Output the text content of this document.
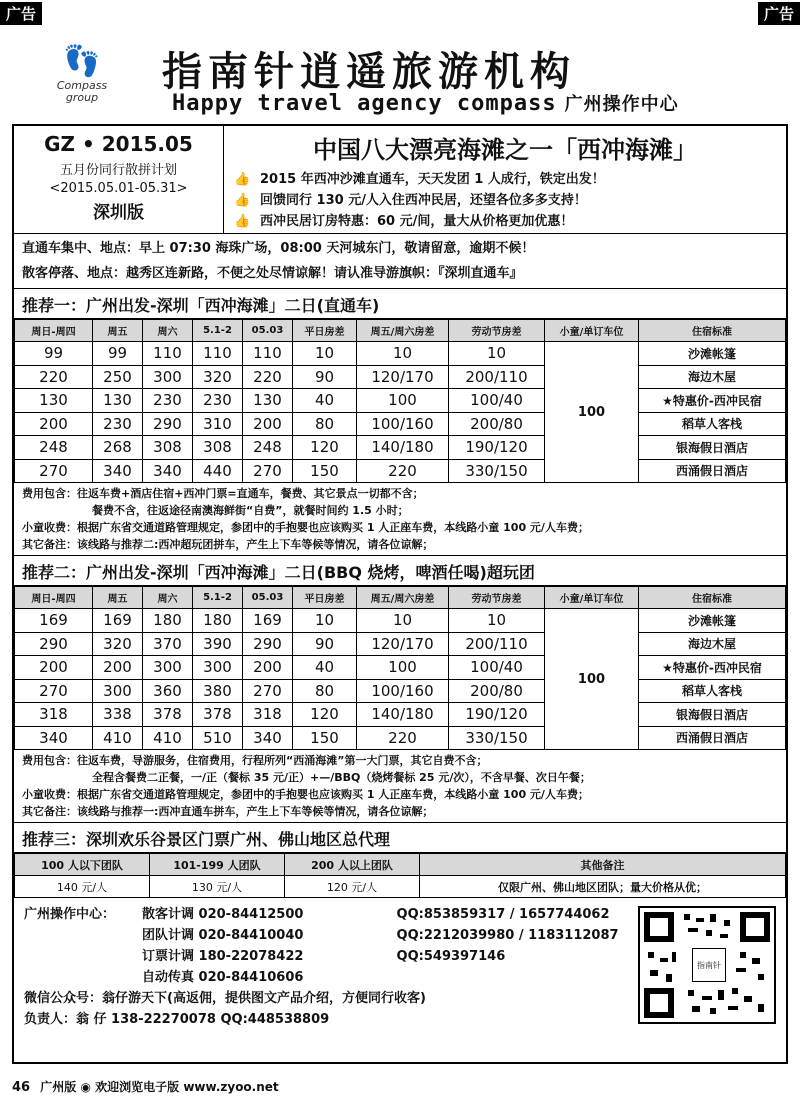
广告	广告
👣
Compass group
指南针逍遥旅游机构
Happy travel agency compass 广州操作中心
GZ • 2015.05
五月份同行散拼计划
<2015.05.01-05.31>
深圳版
中国八大漂亮海滩之一「西冲海滩」
👍 2015 年西冲沙滩直通车，天天发团 1 人成行，铁定出发！
👍 回馈同行 130 元/人入住西冲民居，还望各位多多支持！
👍 西冲民居订房特惠：60 元/间，量大从价格更加优惠！
直通车集中、地点：早上 07:30 海珠广场，08:00 天河城东门，敬请留意，逾期不候！
散客停落、地点：越秀区连新路，不便之处尽情谅解！请认准导游旗帜：『深圳直通车』
推荐一：广州出发-深圳「西冲海滩」二日(直通车)
周日-周四	周五	周六	5.1-2	05.03	平日房差	周五/周六房差	劳动节房差	小童/单订车位	住宿标准
99	99	110	110	110	10	10	10	100	沙滩帐篷
220	250	300	320	220	90	120/170	200/110		海边木屋
130	130	230	230	130	40	100	100/40		★特惠价-西冲民宿
200	230	290	310	200	80	100/160	200/80		稻草人客栈
248	268	308	308	248	120	140/180	190/120		银海假日酒店
270	340	340	440	270	150	220	330/150		西涌假日酒店
费用包含：往返车费+酒店住宿+西冲门票=直通车，餐费、其它景点一切都不含；
餐费不含，往返途径南澳海鲜街“自费”，就餐时间约 1.5 小时；
小童收费：根据广东省交通道路管理规定，参团中的手抱婴也应该购买 1 人正座车费，本线路小童 100 元/人车费；
其它备注：该线路与推荐二:西冲超玩团拼车，产生上下车等候等情况，请各位谅解；
推荐二：广州出发-深圳「西冲海滩」二日(BBQ 烧烤，啤酒任喝)超玩团
周日-周四	周五	周六	5.1-2	05.03	平日房差	周五/周六房差	劳动节房差	小童/单订车位	住宿标准
169	169	180	180	169	10	10	10	100	沙滩帐篷
290	320	370	390	290	90	120/170	200/110		海边木屋
200	200	300	300	200	40	100	100/40		★特惠价-西冲民宿
270	300	360	380	270	80	100/160	200/80		稻草人客栈
318	338	378	378	318	120	140/180	190/120		银海假日酒店
340	410	410	510	340	150	220	330/150		西涌假日酒店
费用包含：往返车费，导游服务，住宿费用，行程所列“西涌海滩”第一大门票，其它自费不含；
全程含餐费二正餐，一/正（餐标 35 元/正）+—/BBQ（烧烤餐标 25 元/次），不含早餐、次日午餐；
小童收费：根据广东省交通道路管理规定，参团中的手抱婴也应该购买 1 人正座车费，本线路小童 100 元/人车费；
其它备注：该线路与推荐一:西冲直通车拼车，产生上下车等候等情况，请各位谅解；
推荐三：深圳欢乐谷景区门票广州、佛山地区总代理
100 人以下团队	101-199 人团队	200 人以上团队	其他备注
140 元/人	130 元/人	120 元/人	仅限广州、佛山地区团队；量大价格从优；
广州操作中心： 散客计调 020-84412500	QQ:853859317 / 1657744062
团队计调 020-84410040	QQ:2212039980 / 1183112087
订票计调 180-22078422	QQ:549397146
自动传真 020-84410606
微信公众号：翁仔游天下(高返佣，提供图文产品介绍，方便同行收客)
负责人：翁 仔 138-22270078 QQ:448538809
指南针
46 广州版 ◉ 欢迎浏览电子版 www.zyoo.net
